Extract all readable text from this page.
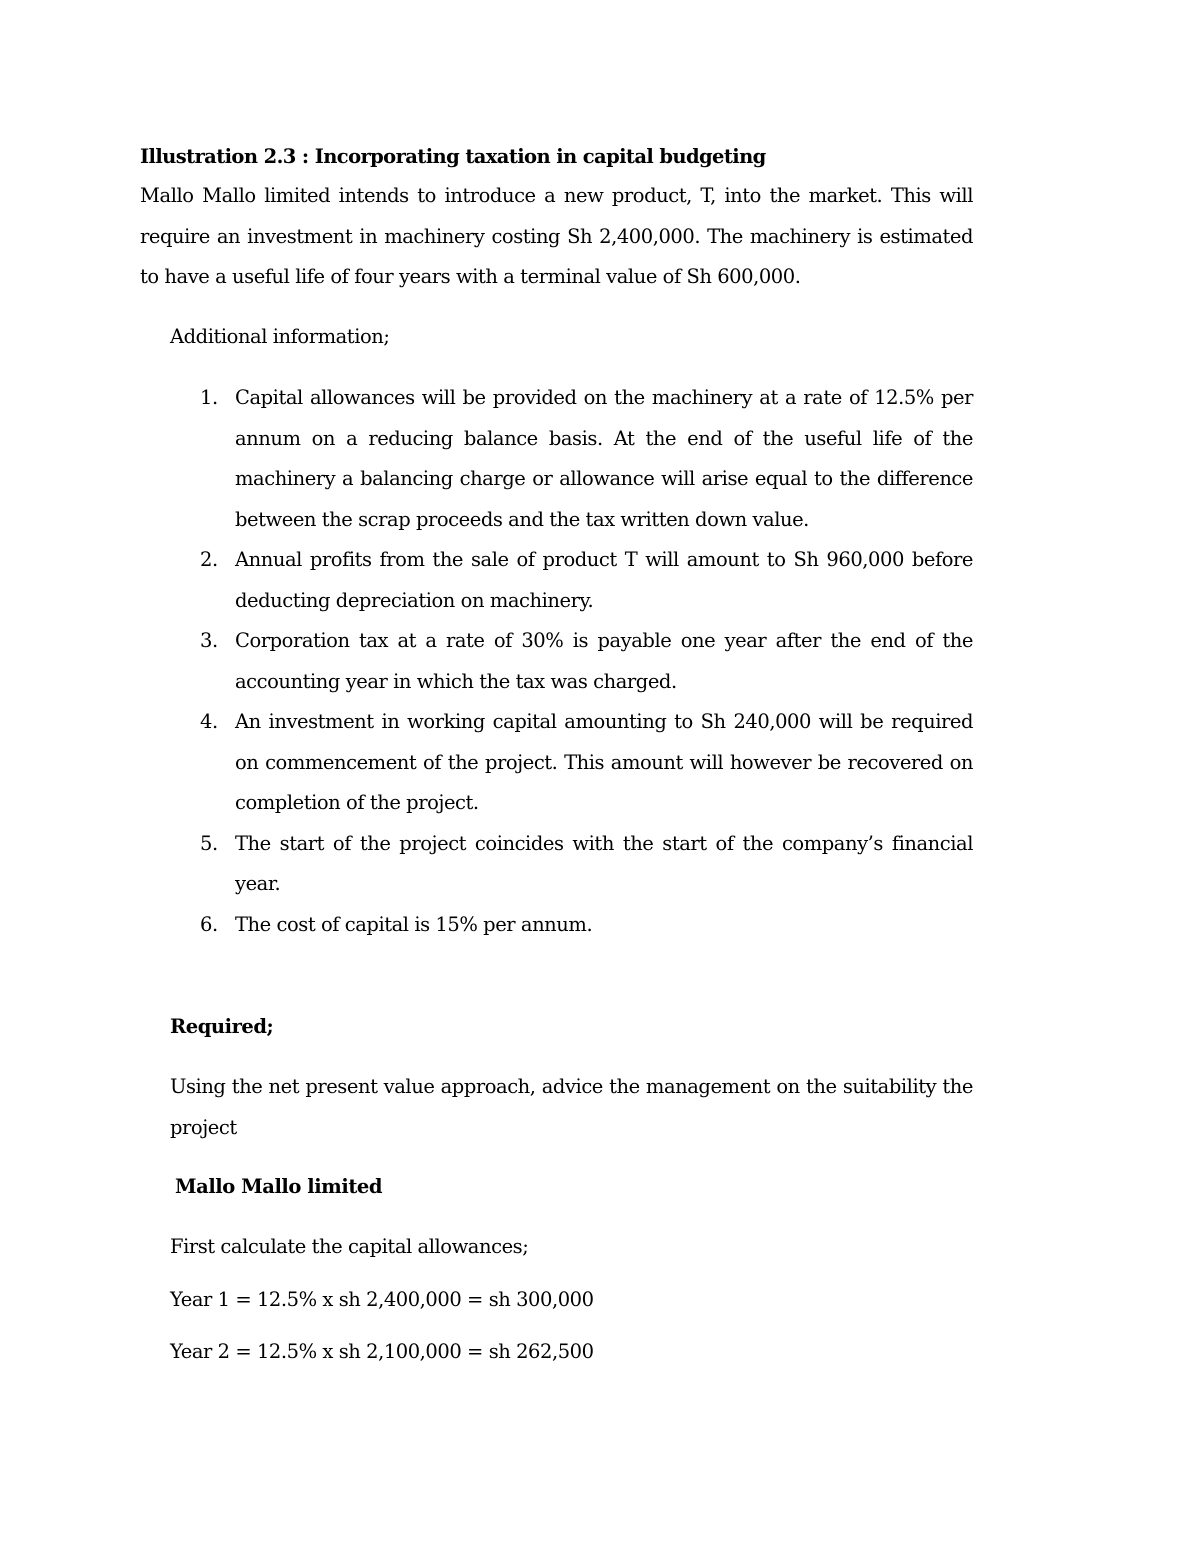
Illustration 2.3 : Incorporating taxation in capital budgeting

Mallo Mallo limited intends to introduce a new product, T, into the market. This will require an investment in machinery costing Sh 2,400,000. The machinery is estimated to have a useful life of four years with a terminal value of Sh 600,000.

Additional information;

1. Capital allowances will be provided on the machinery at a rate of 12.5% per annum on a reducing balance basis. At the end of the useful life of the machinery a balancing charge or allowance will arise equal to the difference between the scrap proceeds and the tax written down value.
2. Annual profits from the sale of product T will amount to Sh 960,000 before deducting depreciation on machinery.
3. Corporation tax at a rate of 30% is payable one year after the end of the accounting year in which the tax was charged.
4. An investment in working capital amounting to Sh 240,000 will be required on commencement of the project. This amount will however be recovered on completion of the project.
5. The start of the project coincides with the start of the company’s financial year.
6. The cost of capital is 15% per annum.

Required;

Using the net present value approach, advice the management on the suitability the project

Mallo Mallo limited

First calculate the capital allowances;

Year 1 = 12.5% x sh 2,400,000 = sh 300,000

Year 2 = 12.5% x sh 2,100,000 = sh 262,500
